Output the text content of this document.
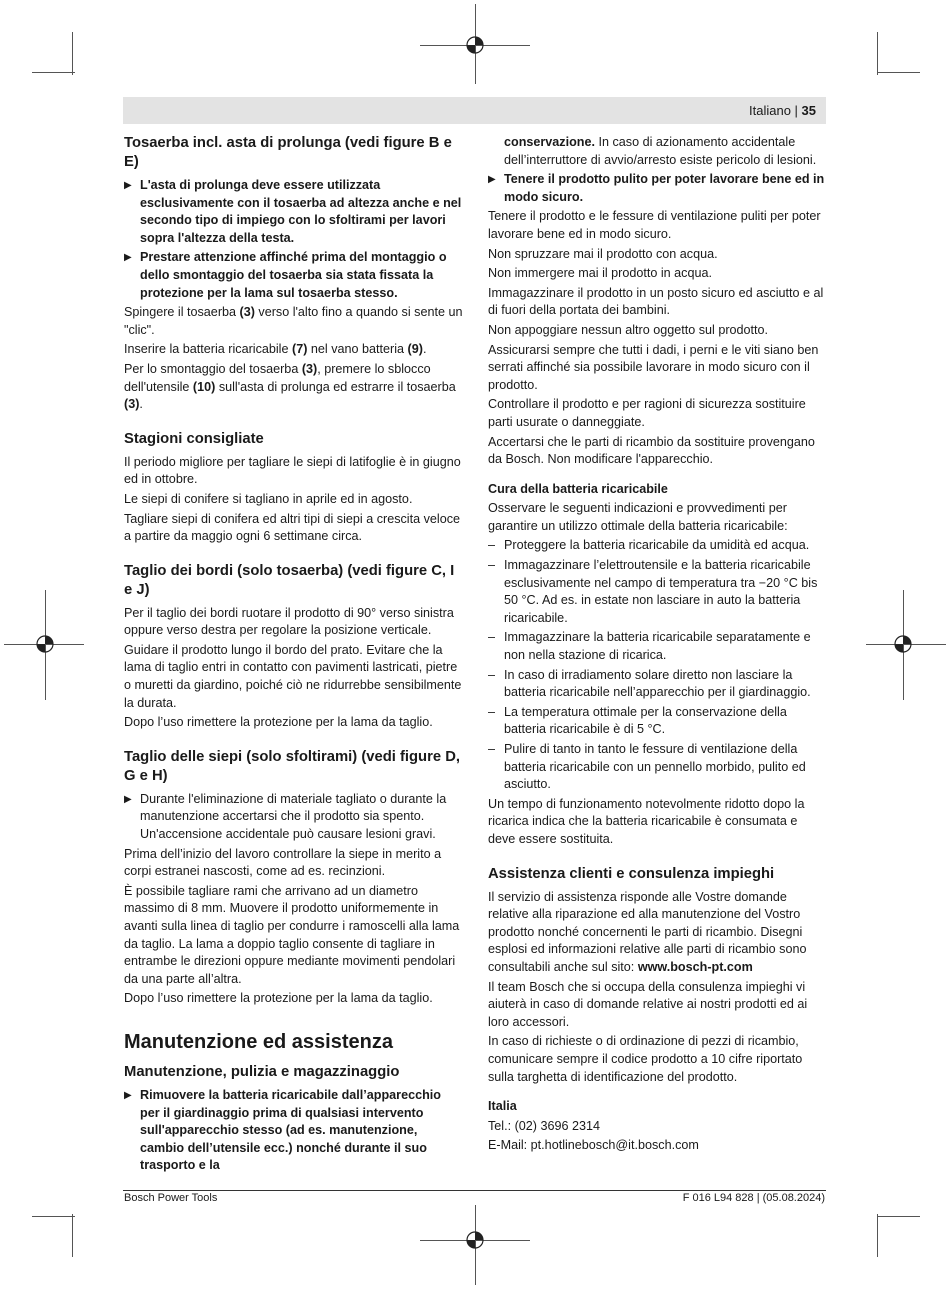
Italiano | 35
Tosaerba incl. asta di prolunga (vedi figure B e E)

▶ L'asta di prolunga deve essere utilizzata esclusivamente con il tosaerba ad altezza anche e nel secondo tipo di impiego con lo sfoltirami per lavori sopra l'altezza della testa.

▶ Prestare attenzione affinché prima del montaggio o dello smontaggio del tosaerba sia stata fissata la protezione per la lama sul tosaerba stesso.

Spingere il tosaerba (3) verso l'alto fino a quando si sente un "clic".

Inserire la batteria ricaricabile (7) nel vano batteria (9).

Per lo smontaggio del tosaerba (3), premere lo sblocco dell'utensile (10) sull'asta di prolunga ed estrarre il tosaerba (3).

Stagioni consigliate

Il periodo migliore per tagliare le siepi di latifoglie è in giugno ed in ottobre.

Le siepi di conifere si tagliano in aprile ed in agosto.

Tagliare siepi di conifera ed altri tipi di siepi a crescita veloce a partire da maggio ogni 6 settimane circa.

Taglio dei bordi (solo tosaerba) (vedi figure C, I e J)

Per il taglio dei bordi ruotare il prodotto di 90° verso sinistra oppure verso destra per regolare la posizione verticale.

Guidare il prodotto lungo il bordo del prato. Evitare che la lama di taglio entri in contatto con pavimenti lastricati, pietre o muretti da giardino, poiché ciò ne ridurrebbe sensibilmente la durata.

Dopo l’uso rimettere la protezione per la lama da taglio.

Taglio delle siepi (solo sfoltirami) (vedi figure D, G e H)

▶ Durante l'eliminazione di materiale tagliato o durante la manutenzione accertarsi che il prodotto sia spento. Un'accensione accidentale può causare lesioni gravi.

Prima dell’inizio del lavoro controllare la siepe in merito a corpi estranei nascosti, come ad es. recinzioni.

È possibile tagliare rami che arrivano ad un diametro massimo di 8 mm. Muovere il prodotto uniformemente in avanti sulla linea di taglio per condurre i ramoscelli alla lama da taglio. La lama a doppio taglio consente di tagliare in entrambe le direzioni oppure mediante movimenti pendolari da una parte all’altra.

Dopo l’uso rimettere la protezione per la lama da taglio.

Manutenzione ed assistenza
Manutenzione, pulizia e magazzinaggio

▶ Rimuovere la batteria ricaricabile dall’apparecchio per il giardinaggio prima di qualsiasi intervento sull'apparecchio stesso (ad es. manutenzione, cambio dell’utensile ecc.) nonché durante il suo trasporto e la

conservazione. In caso di azionamento accidentale dell’interruttore di avvio/arresto esiste pericolo di lesioni.

▶ Tenere il prodotto pulito per poter lavorare bene ed in modo sicuro.

Tenere il prodotto e le fessure di ventilazione puliti per poter lavorare bene ed in modo sicuro.

Non spruzzare mai il prodotto con acqua.

Non immergere mai il prodotto in acqua.

Immagazzinare il prodotto in un posto sicuro ed asciutto e al di fuori della portata dei bambini.

Non appoggiare nessun altro oggetto sul prodotto.

Assicurarsi sempre che tutti i dadi, i perni e le viti siano ben serrati affinché sia possibile lavorare in modo sicuro con il prodotto.

Controllare il prodotto e per ragioni di sicurezza sostituire parti usurate o danneggiate.

Accertarsi che le parti di ricambio da sostituire provengano da Bosch. Non modificare l'apparecchio.

Cura della batteria ricaricabile

Osservare le seguenti indicazioni e provvedimenti per garantire un utilizzo ottimale della batteria ricaricabile:

– Proteggere la batteria ricaricabile da umidità ed acqua.

– Immagazzinare l’elettroutensile e la batteria ricaricabile esclusivamente nel campo di temperatura tra −20 °C bis 50 °C. Ad es. in estate non lasciare in auto la batteria ricaricabile.

– Immagazzinare la batteria ricaricabile separatamente e non nella stazione di ricarica.

– In caso di irradiamento solare diretto non lasciare la batteria ricaricabile nell’apparecchio per il giardinaggio.

– La temperatura ottimale per la conservazione della batteria ricaricabile è di 5 °C.

– Pulire di tanto in tanto le fessure di ventilazione della batteria ricaricabile con un pennello morbido, pulito ed asciutto.

Un tempo di funzionamento notevolmente ridotto dopo la ricarica indica che la batteria ricaricabile è consumata e deve essere sostituita.

Assistenza clienti e consulenza impieghi

Il servizio di assistenza risponde alle Vostre domande relative alla riparazione ed alla manutenzione del Vostro prodotto nonché concernenti le parti di ricambio. Disegni esplosi ed informazioni relative alle parti di ricambio sono consultabili anche sul sito: www.bosch-pt.com

Il team Bosch che si occupa della consulenza impieghi vi aiuterà in caso di domande relative ai nostri prodotti ed ai loro accessori.

In caso di richieste o di ordinazione di pezzi di ricambio, comunicare sempre il codice prodotto a 10 cifre riportato sulla targhetta di identificazione del prodotto.

Italia

Tel.: (02) 3696 2314

E-Mail: pt.hotlinebosch@it.bosch.com

Bosch Power Tools	F 016 L94 828 | (05.08.2024)
